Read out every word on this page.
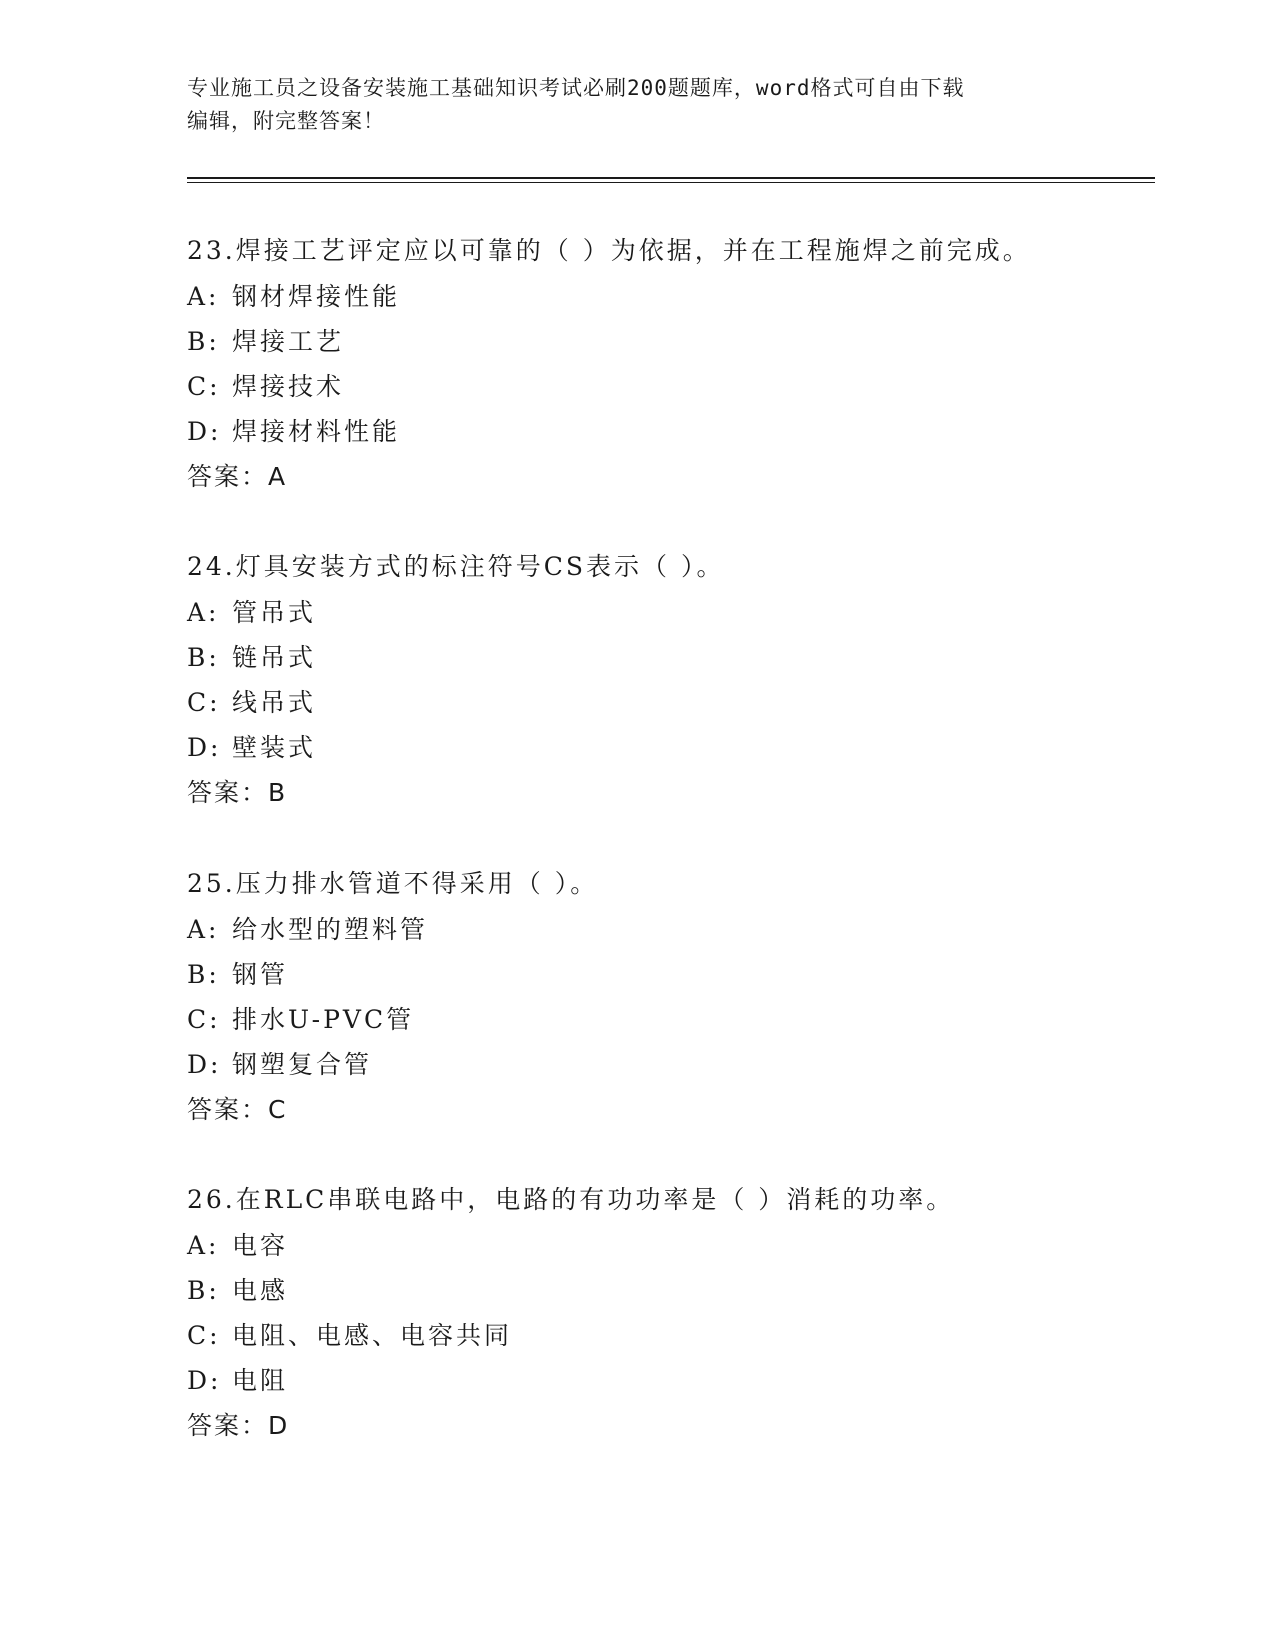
专业施工员之设备安装施工基础知识考试必刷200题题库，word格式可自由下载
编辑，附完整答案！
23.焊接工艺评定应以可靠的（ ）为依据，并在工程施焊之前完成。
A: 钢材焊接性能
B: 焊接工艺
C: 焊接技术
D: 焊接材料性能
答案：A
24.灯具安装方式的标注符号CS表示（ ）。
A: 管吊式
B: 链吊式
C: 线吊式
D: 壁装式
答案：B
25.压力排水管道不得采用（ ）。
A: 给水型的塑料管
B: 钢管
C: 排水U-PVC管
D: 钢塑复合管
答案：C
26.在RLC串联电路中，电路的有功功率是（ ）消耗的功率。
A: 电容
B: 电感
C: 电阻、电感、电容共同
D: 电阻
答案：D
